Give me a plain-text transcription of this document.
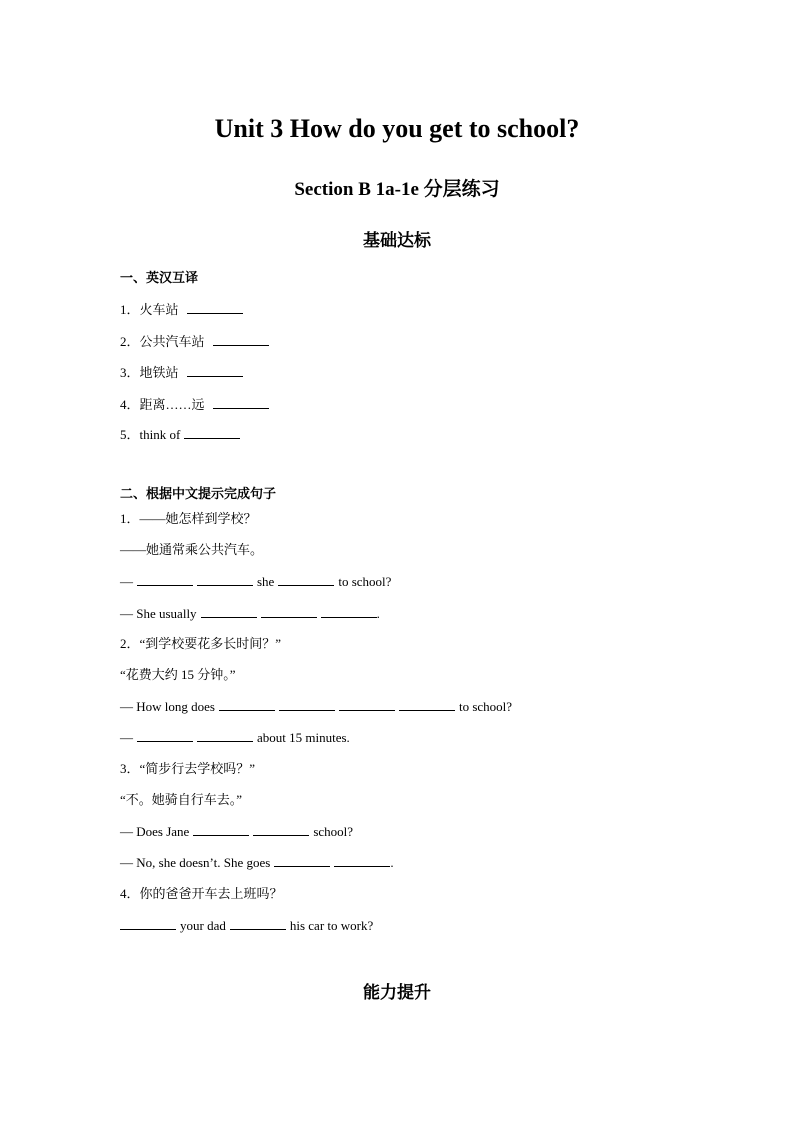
Unit 3 How do you get to school?
Section B 1a-1e 分层练习
基础达标
一、英汉互译
1．火车站
2．公共汽车站
3．地铁站
4．距离……远
5．think of
二、根据中文提示完成句子
1．——她怎样到学校？
——她通常乘公共汽车。
—	she	to school?
— She usually	.
2．“到学校要花多长时间？”
“花费大约 15 分钟。”
— How long does	to school?
—	about 15 minutes.
3．“简步行去学校吗？”
“不。她骑自行车去。”
— Does Jane	school?
— No, she doesn’t. She goes	.
4．你的爸爸开车去上班吗？
your dad	his car to work?
能力提升
